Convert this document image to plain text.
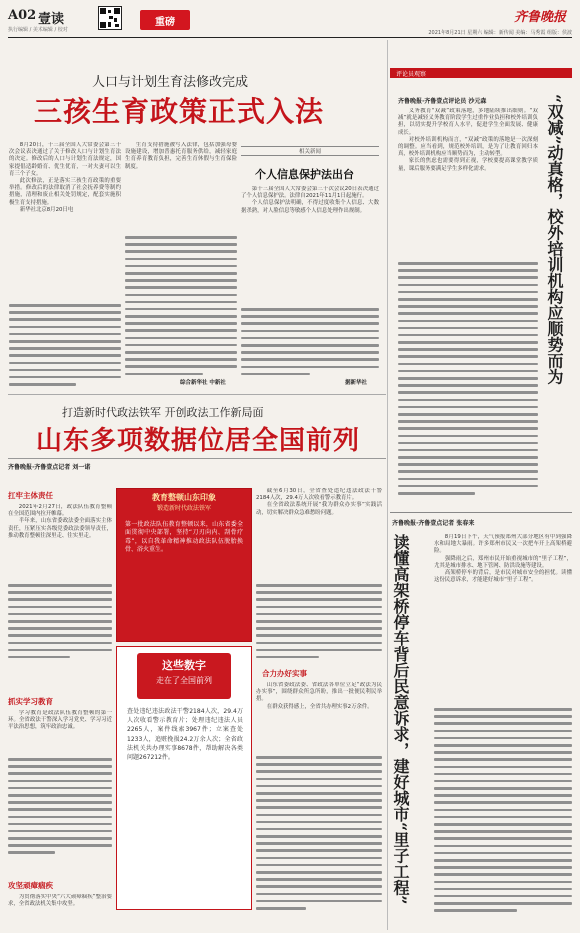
A02 壹读
执行编辑 / 美术编辑 / 校对
重磅	齐鲁晚报
2021年8月21日 星期六 编辑：新传闻 美编：马秀霞 组版：侯波
人口与计划生育法修改完成
三孩生育政策正式入法

8月20日，十三届全国人大常委会第三十次会议表决通过了关于修改人口与计划生育法的决定。修改后的人口与计划生育法规定，国家提倡适龄婚育、优生优育，一对夫妻可以生育三个子女。

此次修法，正是落实三孩生育政策的重要举措。修改后的法律取消了社会抚养费等制约措施，清理和废止相关处罚规定，配套实施积极生育支持措施。

新华社北京8月20日电

生育支持措施被写入法律，包括加强母婴设施建设，增加普惠托育服务供给，减轻家庭生育养育教育负担，完善生育休假与生育保险制度。

综合新华社 中新社
相关新闻
个人信息保护法出台

第十三届全国人大常委会第三十次会议20日表决通过了个人信息保护法。法律自2021年11月1日起施行。

个人信息保护法明确，不得过度收集个人信息、大数据杀熟，对人脸信息等敏感个人信息处理作出规制。

据新华社
评论员观察
齐鲁晚报·齐鲁壹点评论员 沙元森

义务教育“双减”政策落地，多地陆续推出细则。“双减”就是减轻义务教育阶段学生过重作业负担和校外培训负担，以切实提升学校育人水平，促进学生全面发展、健康成长。

对校外培训机构而言，“双减”政策的落地是一次深刻的调整。应当看到，规范校外培训，是为了让教育回归本真，校外培训机构应当顺势而为，主动转型。

家长的焦虑也需要得到正视，学校要提高课堂教学质量，课后服务要满足学生多样化需求。	“双减”动真格，校外培训机构应顺势而为
打造新时代政法铁军 开创政法工作新局面
山东多项数据位居全国前列
齐鲁晚报·齐鲁壹点记者 刘一诺
扛牢主体责任

2021年2月27日，政法队伍教育整顿在全国范围内拉开帷幕。

半年来，山东省委政法委全面落实主体责任，压紧压实各级党委政法委领导责任，推动教育整顿往深里走、往实里走。

抓实学习教育

学习教育是政法队伍教育整顿的第一环。全省政法干警深入学习党史、学习习近平法治思想，筑牢政治忠诚。

攻坚顽瘴痼疾

为贯彻落实中央“六大顽瘴痼疾”整治要求，全省政法机关集中攻坚。

教育整顿山东印象
锻造新时代政法铁军
第一批政法队伍教育整顿以来，山东省委全面贯彻中央部署，坚持“刀刃向内、刮骨疗毒”，以自我革命精神推动政法队伍脱胎换骨、浴火重生。
这些数字
走在了全国前列
查处违纪违法政法干警2184人次，29.4万人次收看警示教育片；处理违纪违法人员2265人，案件线索3967件；立案查处1233人，追赃挽损24.2万余人次；全省政法机关共办理实事8678件，帮助解决各类问题267212件。

截至6月30日，全省查处违纪违法政法干警2184人次，29.4万人次收看警示教育片。

在全省政法系统开展“我为群众办实事”实践活动，切实解决群众急难愁盼问题。

合力办好实事

山东省委政法委、省政法各单位立足“政法为民办实事”，围绕群众所急所盼，推出一批便民利民举措。

在群众获得感上，全省共办理实事2万余件。

齐鲁晚报·齐鲁壹点记者 张春来
读懂高架桥停车背后民意诉求，建好城市“里子工程”	8月19日下午，天气预报郑州大部分地区有中到强降水和局地大暴雨。许多郑州市民又一次把车开上高架桥避险。

强降雨之后，郑州市民开始重视城市的“里子工程”，尤其是城市排水、地下管网、防洪设施等建设。

高架桥停车的背后，是市民对城市安全的担忧。读懂这份民意诉求，才能建好城市“里子工程”。
